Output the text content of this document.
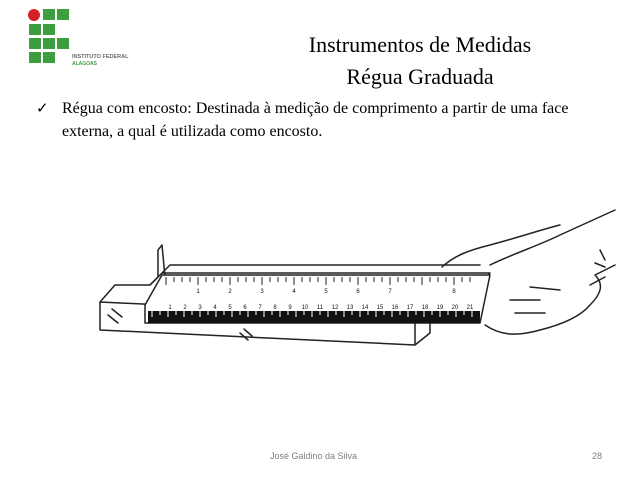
INSTITUTO FEDERAL
ALAGOAS
Instrumentos de Medidas
Régua Graduada
✓ Régua com encosto: Destinada à medição de comprimento a partir de uma face externa, a qual é utilizada como encosto.
1 2 3 4 5 6 7 8 9 10 11 12 13 14 15 16 17 18 19 20 21
1	2	3	4	5	6	7	8
José Galdino da Silva	28
